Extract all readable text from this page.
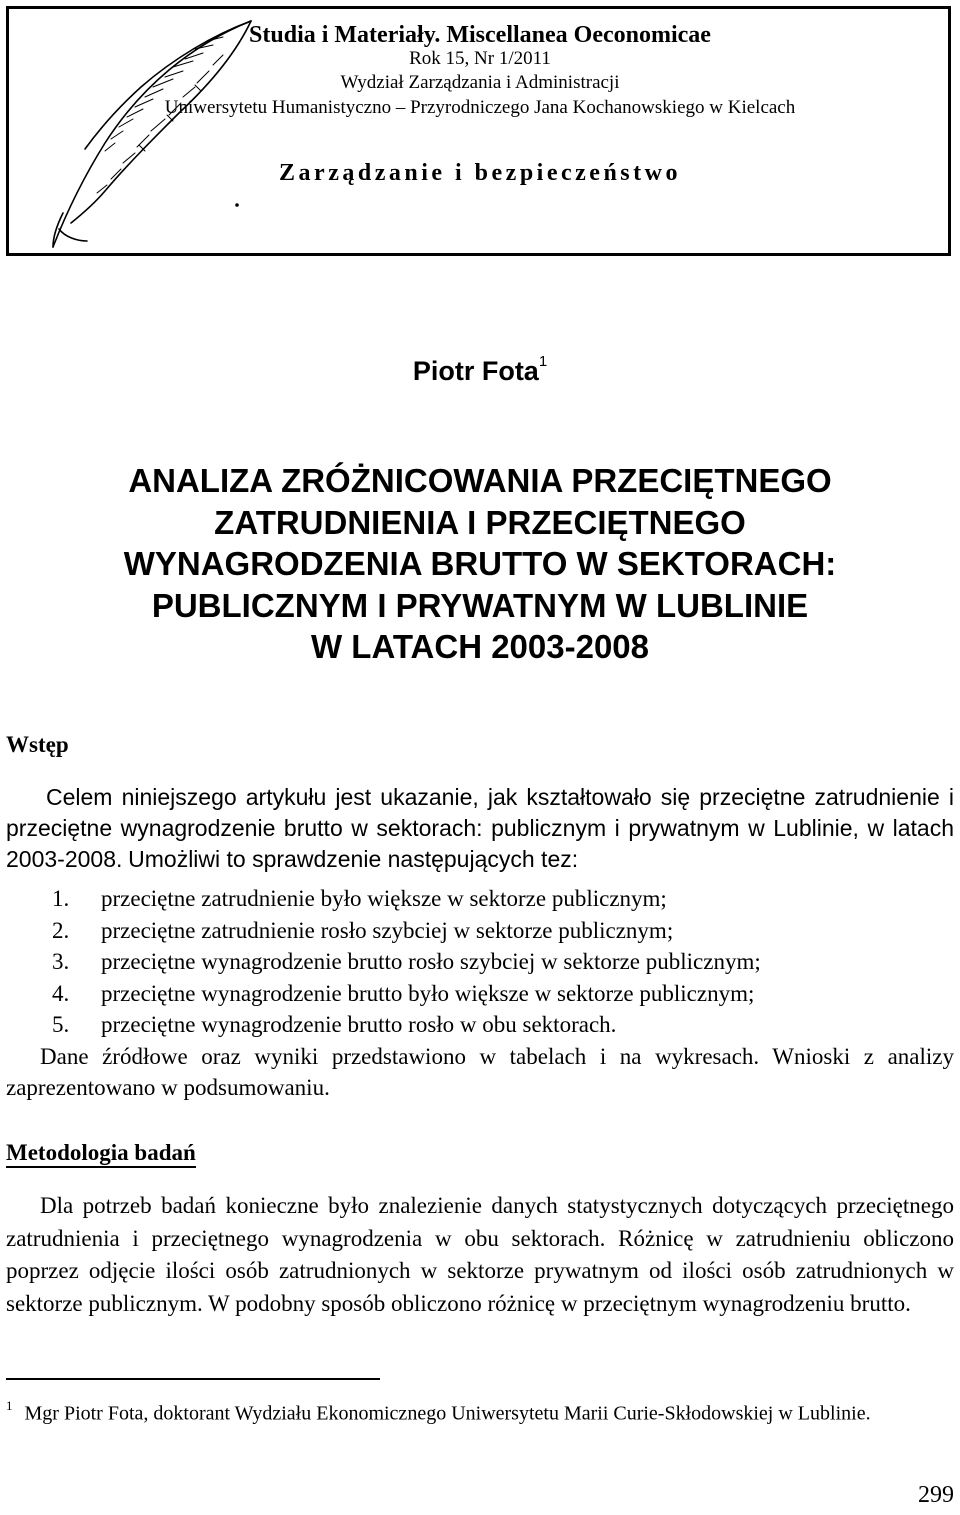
Studia i Materiały. Miscellanea Oeconomicae
Rok 15, Nr 1/2011
Wydział Zarządzania i Administracji
Uniwersytetu Humanistyczno – Przyrodniczego Jana Kochanowskiego w Kielcach
Zarządzanie i bezpieczeństwo
Piotr Fota$^1$
ANALIZA ZRÓŻNICOWANIA PRZECIĘTNEGO
ZATRUDNIENIA I PRZECIĘTNEGO
WYNAGRODZENIA BRUTTO W SEKTORACH:
PUBLICZNYM I PRYWATNYM W LUBLINIE
W LATACH 2003-2008
Wstęp
Celem niniejszego artykułu jest ukazanie, jak kształtowało się przeciętne zatrudnienie i przeciętne wynagrodzenie brutto w sektorach: publicznym i prywatnym w Lublinie, w latach 2003-2008. Umożliwi to sprawdzenie następujących tez:
1. przeciętne zatrudnienie było większe w sektorze publicznym;
2. przeciętne zatrudnienie rosło szybciej w sektorze publicznym;
3. przeciętne wynagrodzenie brutto rosło szybciej w sektorze publicznym;
4. przeciętne wynagrodzenie brutto było większe w sektorze publicznym;
5. przeciętne wynagrodzenie brutto rosło w obu sektorach.
Dane źródłowe oraz wyniki przedstawiono w tabelach i na wykresach. Wnioski z analizy zaprezentowano w podsumowaniu.
Metodologia badań
Dla potrzeb badań konieczne było znalezienie danych statystycznych dotyczących przeciętnego zatrudnienia i przeciętnego wynagrodzenia w obu sektorach. Różnicę w zatrudnieniu obliczono poprzez odjęcie ilości osób zatrudnionych w sektorze prywatnym od ilości osób zatrudnionych w sektorze publicznym. W podobny sposób obliczono różnicę w przeciętnym wynagrodzeniu brutto.
$^1$ Mgr Piotr Fota, doktorant Wydziału Ekonomicznego Uniwersytetu Marii Curie-Skłodowskiej w Lublinie.
299
